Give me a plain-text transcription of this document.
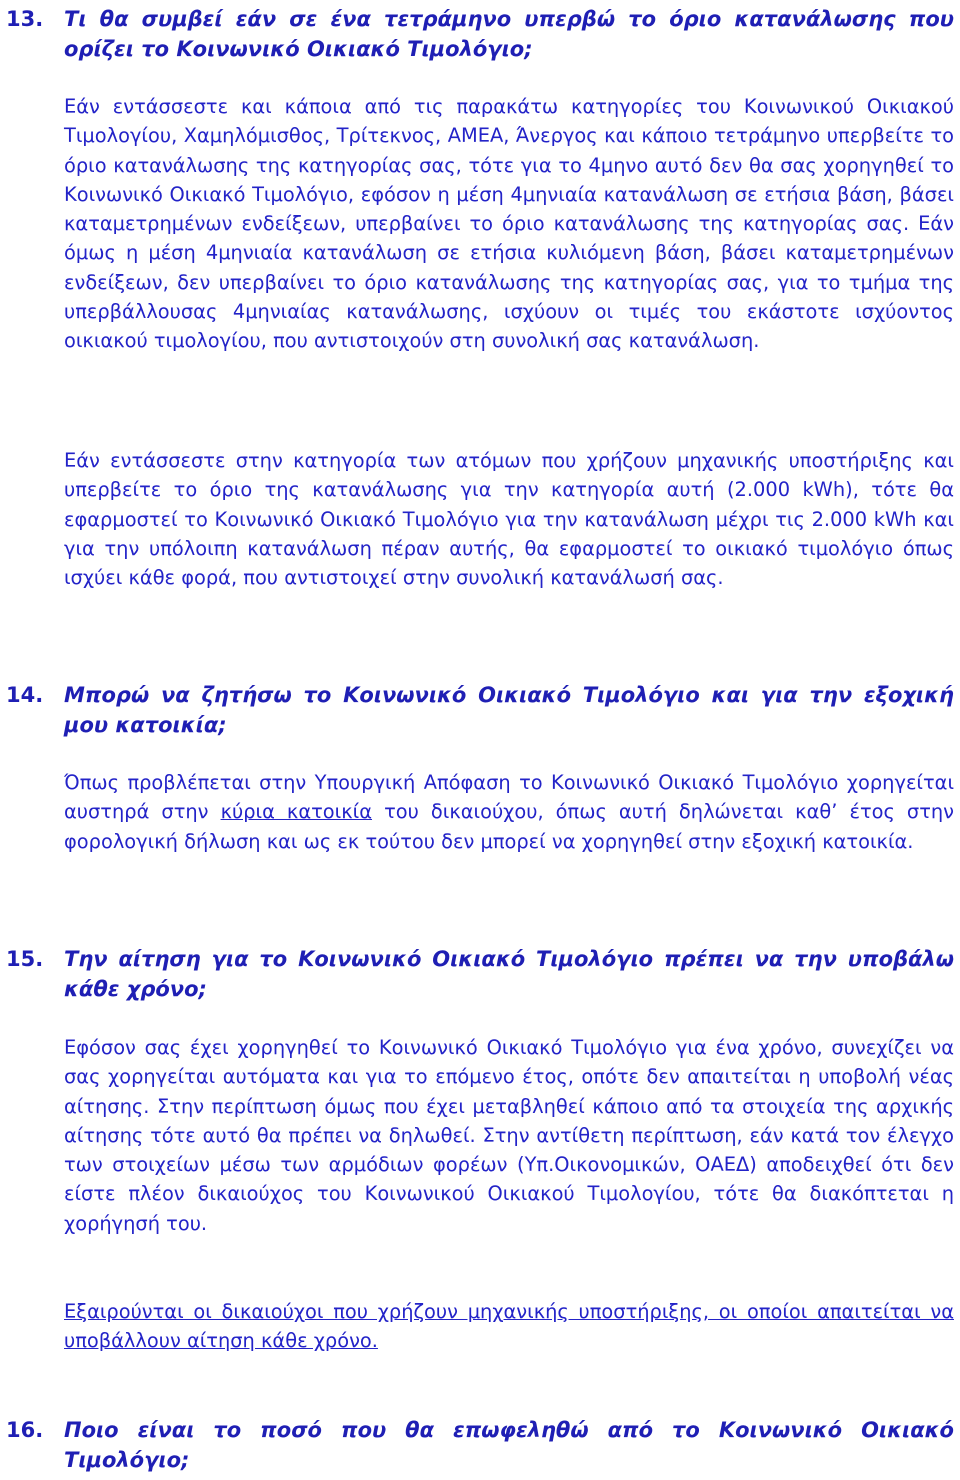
13. Τι θα συμβεί εάν σε ένα τετράμηνο υπερβώ το όριο κατανάλωσης που ορίζει το Κοινωνικό Οικιακό Τιμολόγιο;

Εάν εντάσσεστε και κάποια από τις παρακάτω κατηγορίες του Κοινωνικού Οικιακού Τιμολογίου, Χαμηλόμισθος, Τρίτεκνος, ΑΜΕΑ, Άνεργος και κάποιο τετράμηνο υπερβείτε το όριο κατανάλωσης της κατηγορίας σας, τότε για το 4μηνο αυτό δεν θα σας χορηγηθεί το Κοινωνικό Οικιακό Τιμολόγιο, εφόσον η μέση 4μηνιαία κατανάλωση σε ετήσια βάση, βάσει καταμετρημένων ενδείξεων, υπερβαίνει το όριο κατανάλωσης της κατηγορίας σας. Εάν όμως η μέση 4μηνιαία κατανάλωση σε ετήσια κυλιόμενη βάση, βάσει καταμετρημένων ενδείξεων, δεν υπερβαίνει το όριο κατανάλωσης της κατηγορίας σας, για το τμήμα της υπερβάλλουσας 4μηνιαίας κατανάλωσης, ισχύουν οι τιμές του εκάστοτε ισχύοντος οικιακού τιμολογίου, που αντιστοιχούν στη συνολική σας κατανάλωση.

Εάν εντάσσεστε στην κατηγορία των ατόμων που χρήζουν μηχανικής υποστήριξης και υπερβείτε το όριο της κατανάλωσης για την κατηγορία αυτή (2.000 kWh), τότε θα εφαρμοστεί το Κοινωνικό Οικιακό Τιμολόγιο για την κατανάλωση μέχρι τις 2.000 kWh και για την υπόλοιπη κατανάλωση πέραν αυτής, θα εφαρμοστεί το οικιακό τιμολόγιο όπως ισχύει κάθε φορά, που αντιστοιχεί στην συνολική κατανάλωσή σας.

14. Μπορώ να ζητήσω το Κοινωνικό Οικιακό Τιμολόγιο και για την εξοχική μου κατοικία;

Όπως προβλέπεται στην Υπουργική Απόφαση το Κοινωνικό Οικιακό Τιμολόγιο χορηγείται αυστηρά στην κύρια κατοικία του δικαιούχου, όπως αυτή δηλώνεται καθ’ έτος στην φορολογική δήλωση και ως εκ τούτου δεν μπορεί να χορηγηθεί στην εξοχική κατοικία.

15. Την αίτηση για το Κοινωνικό Οικιακό Τιμολόγιο πρέπει να την υποβάλω κάθε χρόνο;

Εφόσον σας έχει χορηγηθεί το Κοινωνικό Οικιακό Τιμολόγιο για ένα χρόνο, συνεχίζει να σας χορηγείται αυτόματα και για το επόμενο έτος, οπότε δεν απαιτείται η υποβολή νέας αίτησης. Στην περίπτωση όμως που έχει μεταβληθεί κάποιο από τα στοιχεία της αρχικής αίτησης τότε αυτό θα πρέπει να δηλωθεί. Στην αντίθετη περίπτωση, εάν κατά τον έλεγχο των στοιχείων μέσω των αρμόδιων φορέων (Υπ.Οικονομικών, ΟΑΕΔ) αποδειχθεί ότι δεν είστε πλέον δικαιούχος του Κοινωνικού Οικιακού Τιμολογίου, τότε θα διακόπτεται η χορήγησή του.

Εξαιρούνται οι δικαιούχοι που χρήζουν μηχανικής υποστήριξης, οι οποίοι απαιτείται να υποβάλλουν αίτηση κάθε χρόνο.

16. Ποιο είναι το ποσό που θα επωφεληθώ από το Κοινωνικό Οικιακό Τιμολόγιο;
